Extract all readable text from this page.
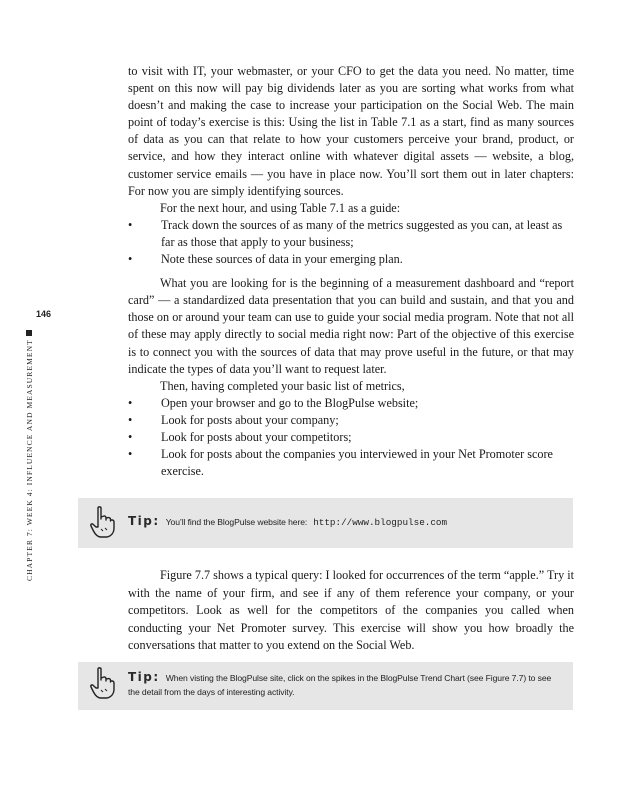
146
CHAPTER 7: WEEK 4: INFLUENCE AND MEASUREMENT

to visit with IT, your webmaster, or your CFO to get the data you need. No matter, time spent on this now will pay big dividends later as you are sorting what works from what doesn’t and making the case to increase your participation on the Social Web. The main point of today’s exercise is this: Using the list in Table 7.1 as a start, find as many sources of data as you can that relate to how your customers perceive your brand, product, or service, and how they interact online with whatever digital assets — website, a blog, customer service emails — you have in place now. You’ll sort them out in later chapters: For now you are simply identifying sources.

For the next hour, and using Table 7.1 as a guide:

• Track down the sources of as many of the metrics suggested as you can, at least as far as those that apply to your business;
• Note these sources of data in your emerging plan.

What you are looking for is the beginning of a measurement dashboard and “report card” — a standardized data presentation that you can build and sustain, and that you and those on or around your team can use to guide your social media program. Note that not all of these may apply directly to social media right now: Part of the objective of this exercise is to connect you with the sources of data that may prove useful in the future, or that may indicate the types of data you’ll want to request later.

Then, having completed your basic list of metrics,

• Open your browser and go to the BlogPulse website;
• Look for posts about your company;
• Look for posts about your competitors;
• Look for posts about the companies you interviewed in your Net Promoter score exercise.
Tip: You’ll find the BlogPulse website here: http://www.blogpulse.com

Figure 7.7 shows a typical query: I looked for occurrences of the term “apple.” Try it with the name of your firm, and see if any of them reference your company, or your competitors. Look as well for the competitors of the companies you called when conducting your Net Promoter survey. This exercise will show you how broadly the conversations that matter to you extend on the Social Web.

Tip: When visting the BlogPulse site, click on the spikes in the BlogPulse Trend Chart (see Figure 7.7) to see the detail from the days of interesting activity.
